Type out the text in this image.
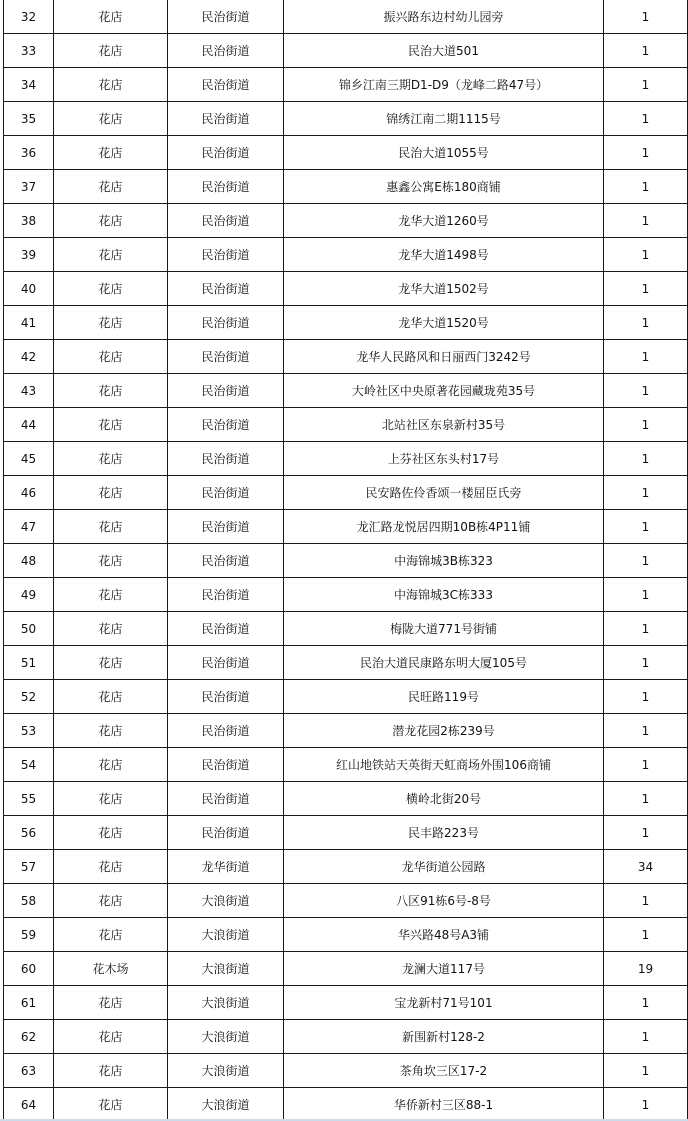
32	花店	民治街道	振兴路东边村幼儿园旁	1
33	花店	民治街道	民治大道501	1
34	花店	民治街道	锦乡江南三期D1-D9（龙峰二路47号）	1
35	花店	民治街道	锦绣江南二期1115号	1
36	花店	民治街道	民治大道1055号	1
37	花店	民治街道	惠鑫公寓E栋180商铺	1
38	花店	民治街道	龙华大道1260号	1
39	花店	民治街道	龙华大道1498号	1
40	花店	民治街道	龙华大道1502号	1
41	花店	民治街道	龙华大道1520号	1
42	花店	民治街道	龙华人民路风和日丽西门3242号	1
43	花店	民治街道	大岭社区中央原著花园藏珑苑35号	1
44	花店	民治街道	北站社区东泉新村35号	1
45	花店	民治街道	上芬社区东头村17号	1
46	花店	民治街道	民安路佐伶香颂一楼屈臣氏旁	1
47	花店	民治街道	龙汇路龙悦居四期10B栋4P11铺	1
48	花店	民治街道	中海锦城3B栋323	1
49	花店	民治街道	中海锦城3C栋333	1
50	花店	民治街道	梅陇大道771号街铺	1
51	花店	民治街道	民治大道民康路东明大厦105号	1
52	花店	民治街道	民旺路119号	1
53	花店	民治街道	潜龙花园2栋239号	1
54	花店	民治街道	红山地铁站天英街天虹商场外围106商铺	1
55	花店	民治街道	横岭北街20号	1
56	花店	民治街道	民丰路223号	1
57	花店	龙华街道	龙华街道公园路	34
58	花店	大浪街道	八区91栋6号-8号	1
59	花店	大浪街道	华兴路48号A3铺	1
60	花木场	大浪街道	龙澜大道117号	19
61	花店	大浪街道	宝龙新村71号101	1
62	花店	大浪街道	新围新村128-2	1
63	花店	大浪街道	茶角坎三区17-2	1
64	花店	大浪街道	华侨新村三区88-1	1
